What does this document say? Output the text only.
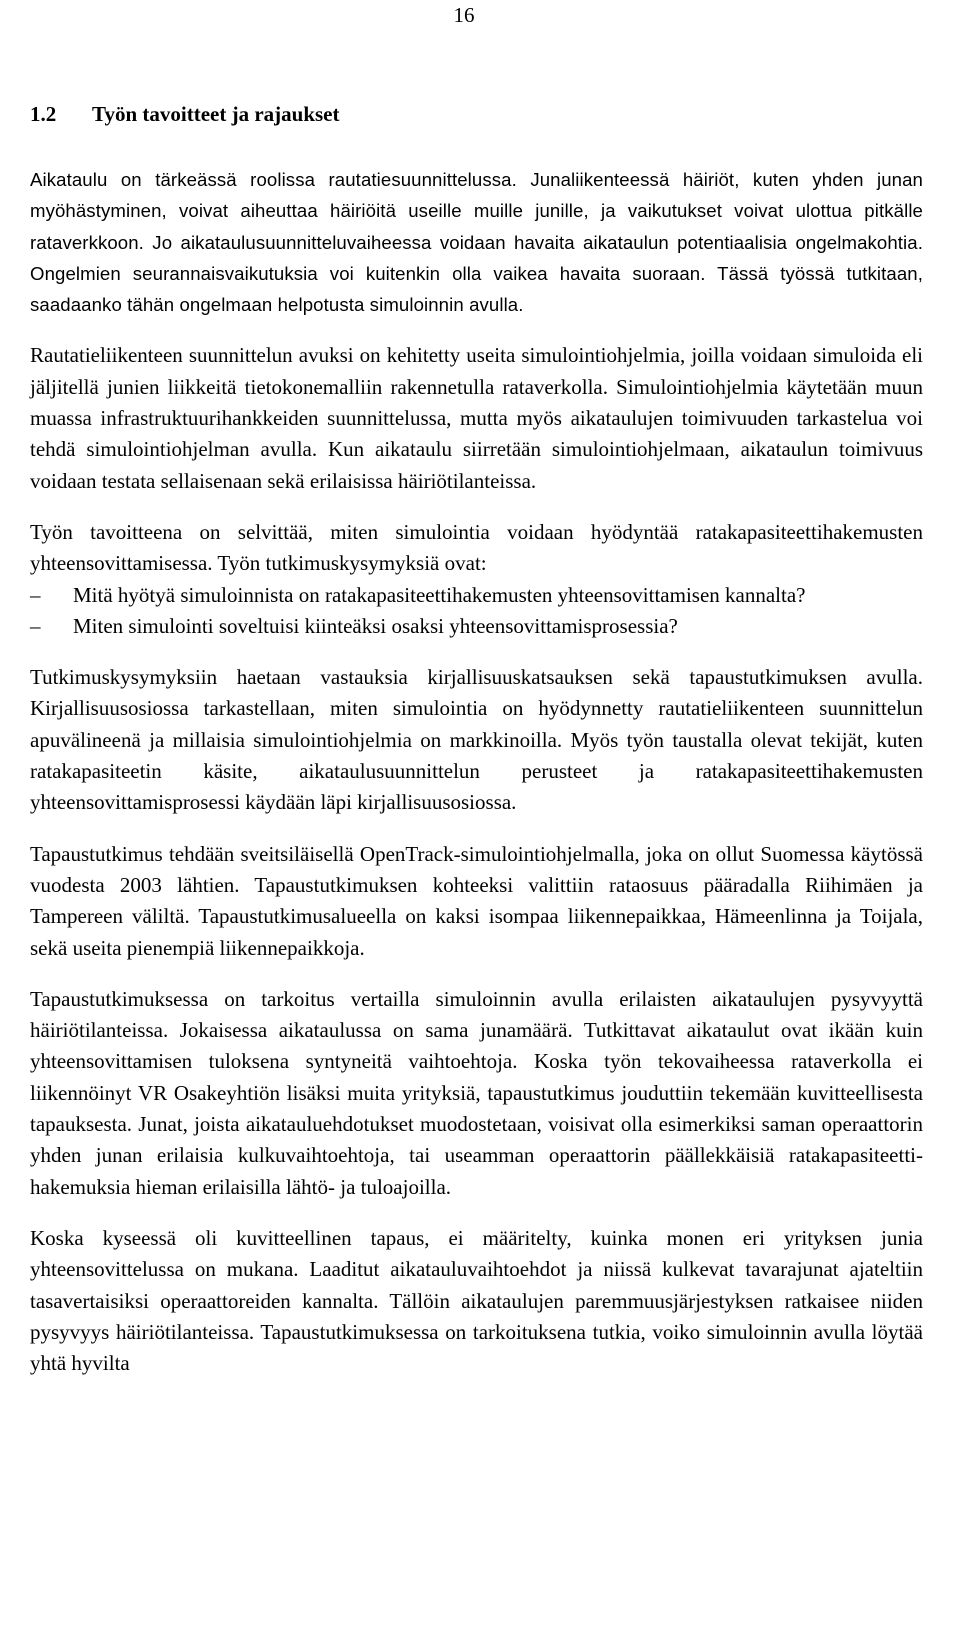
16
1.2 Työn tavoitteet ja rajaukset

Aikataulu on tärkeässä roolissa rautatiesuunnittelussa. Junaliikenteessä häiriöt, kuten yhden junan myöhästyminen, voivat aiheuttaa häiriöitä useille muille junille, ja vaikutukset voivat ulottua pitkälle rataverkkoon. Jo aikataulusuunnitteluvaiheessa voidaan havaita aikataulun potentiaalisia ongelmakohtia. Ongelmien seurannaisvaikutuksia voi kuitenkin olla vaikea havaita suoraan. Tässä työssä tutkitaan, saadaanko tähän ongelmaan helpotusta simuloinnin avulla.

Rautatieliikenteen suunnittelun avuksi on kehitetty useita simulointiohjelmia, joilla voidaan simuloida eli jäljitellä junien liikkeitä tietokonemalliin rakennetulla rataverkolla. Simulointiohjelmia käytetään muun muassa infrastruktuurihankkeiden suunnittelussa, mutta myös aikataulujen toimivuuden tarkastelua voi tehdä simulointiohjelman avulla. Kun aikataulu siirretään simulointiohjelmaan, aikataulun toimivuus voidaan testata sellaisenaan sekä erilaisissa häiriötilanteissa.

Työn tavoitteena on selvittää, miten simulointia voidaan hyödyntää ratakapasiteettihakemusten yhteensovittamisessa. Työn tutkimuskysymyksiä ovat:

– Mitä hyötyä simuloinnista on ratakapasiteettihakemusten yhteensovittamisen kannalta?
– Miten simulointi soveltuisi kiinteäksi osaksi yhteensovittamisprosessia?

Tutkimuskysymyksiin haetaan vastauksia kirjallisuuskatsauksen sekä tapaustutkimuksen avulla. Kirjallisuusosiossa tarkastellaan, miten simulointia on hyödynnetty rautatieliikenteen suunnittelun apuvälineenä ja millaisia simulointiohjelmia on markkinoilla. Myös työn taustalla olevat tekijät, kuten ratakapasiteetin käsite, aikataulusuunnittelun perusteet ja ratakapasiteettihakemusten yhteensovittamisprosessi käydään läpi kirjallisuusosiossa.

Tapaustutkimus tehdään sveitsiläisellä OpenTrack-simulointiohjelmalla, joka on ollut Suomessa käytössä vuodesta 2003 lähtien. Tapaustutkimuksen kohteeksi valittiin rataosuus pääradalla Riihimäen ja Tampereen väliltä. Tapaustutkimusalueella on kaksi isompaa liikennepaikkaa, Hämeenlinna ja Toijala, sekä useita pienempiä liikennepaikkoja.

Tapaustutkimuksessa on tarkoitus vertailla simuloinnin avulla erilaisten aikataulujen pysyvyyttä häiriötilanteissa. Jokaisessa aikataulussa on sama junamäärä. Tutkittavat aikataulut ovat ikään kuin yhteensovittamisen tuloksena syntyneitä vaihtoehtoja. Koska työn tekovaiheessa rataverkolla ei liikennöinyt VR Osakeyhtiön lisäksi muita yrityksiä, tapaustutkimus jouduttiin tekemään kuvitteellisesta tapauksesta. Junat, joista aikatauluehdotukset muodostetaan, voisivat olla esimerkiksi saman operaattorin yhden junan erilaisia kulkuvaihtoehtoja, tai useamman operaattorin päällekkäisiä ratakapasiteettihakemuksia hieman erilaisilla lähtö- ja tuloajoilla.

Koska kyseessä oli kuvitteellinen tapaus, ei määritelty, kuinka monen eri yrityksen junia yhteensovittelussa on mukana. Laaditut aikatauluvaihtoehdot ja niissä kulkevat tavarajunat ajateltiin tasavertaisiksi operaattoreiden kannalta. Tällöin aikataulujen paremmuusjärjestyksen ratkaisee niiden pysyvyys häiriötilanteissa. Tapaustutkimuksessa on tarkoituksena tutkia, voiko simuloinnin avulla löytää yhtä hyvilta
